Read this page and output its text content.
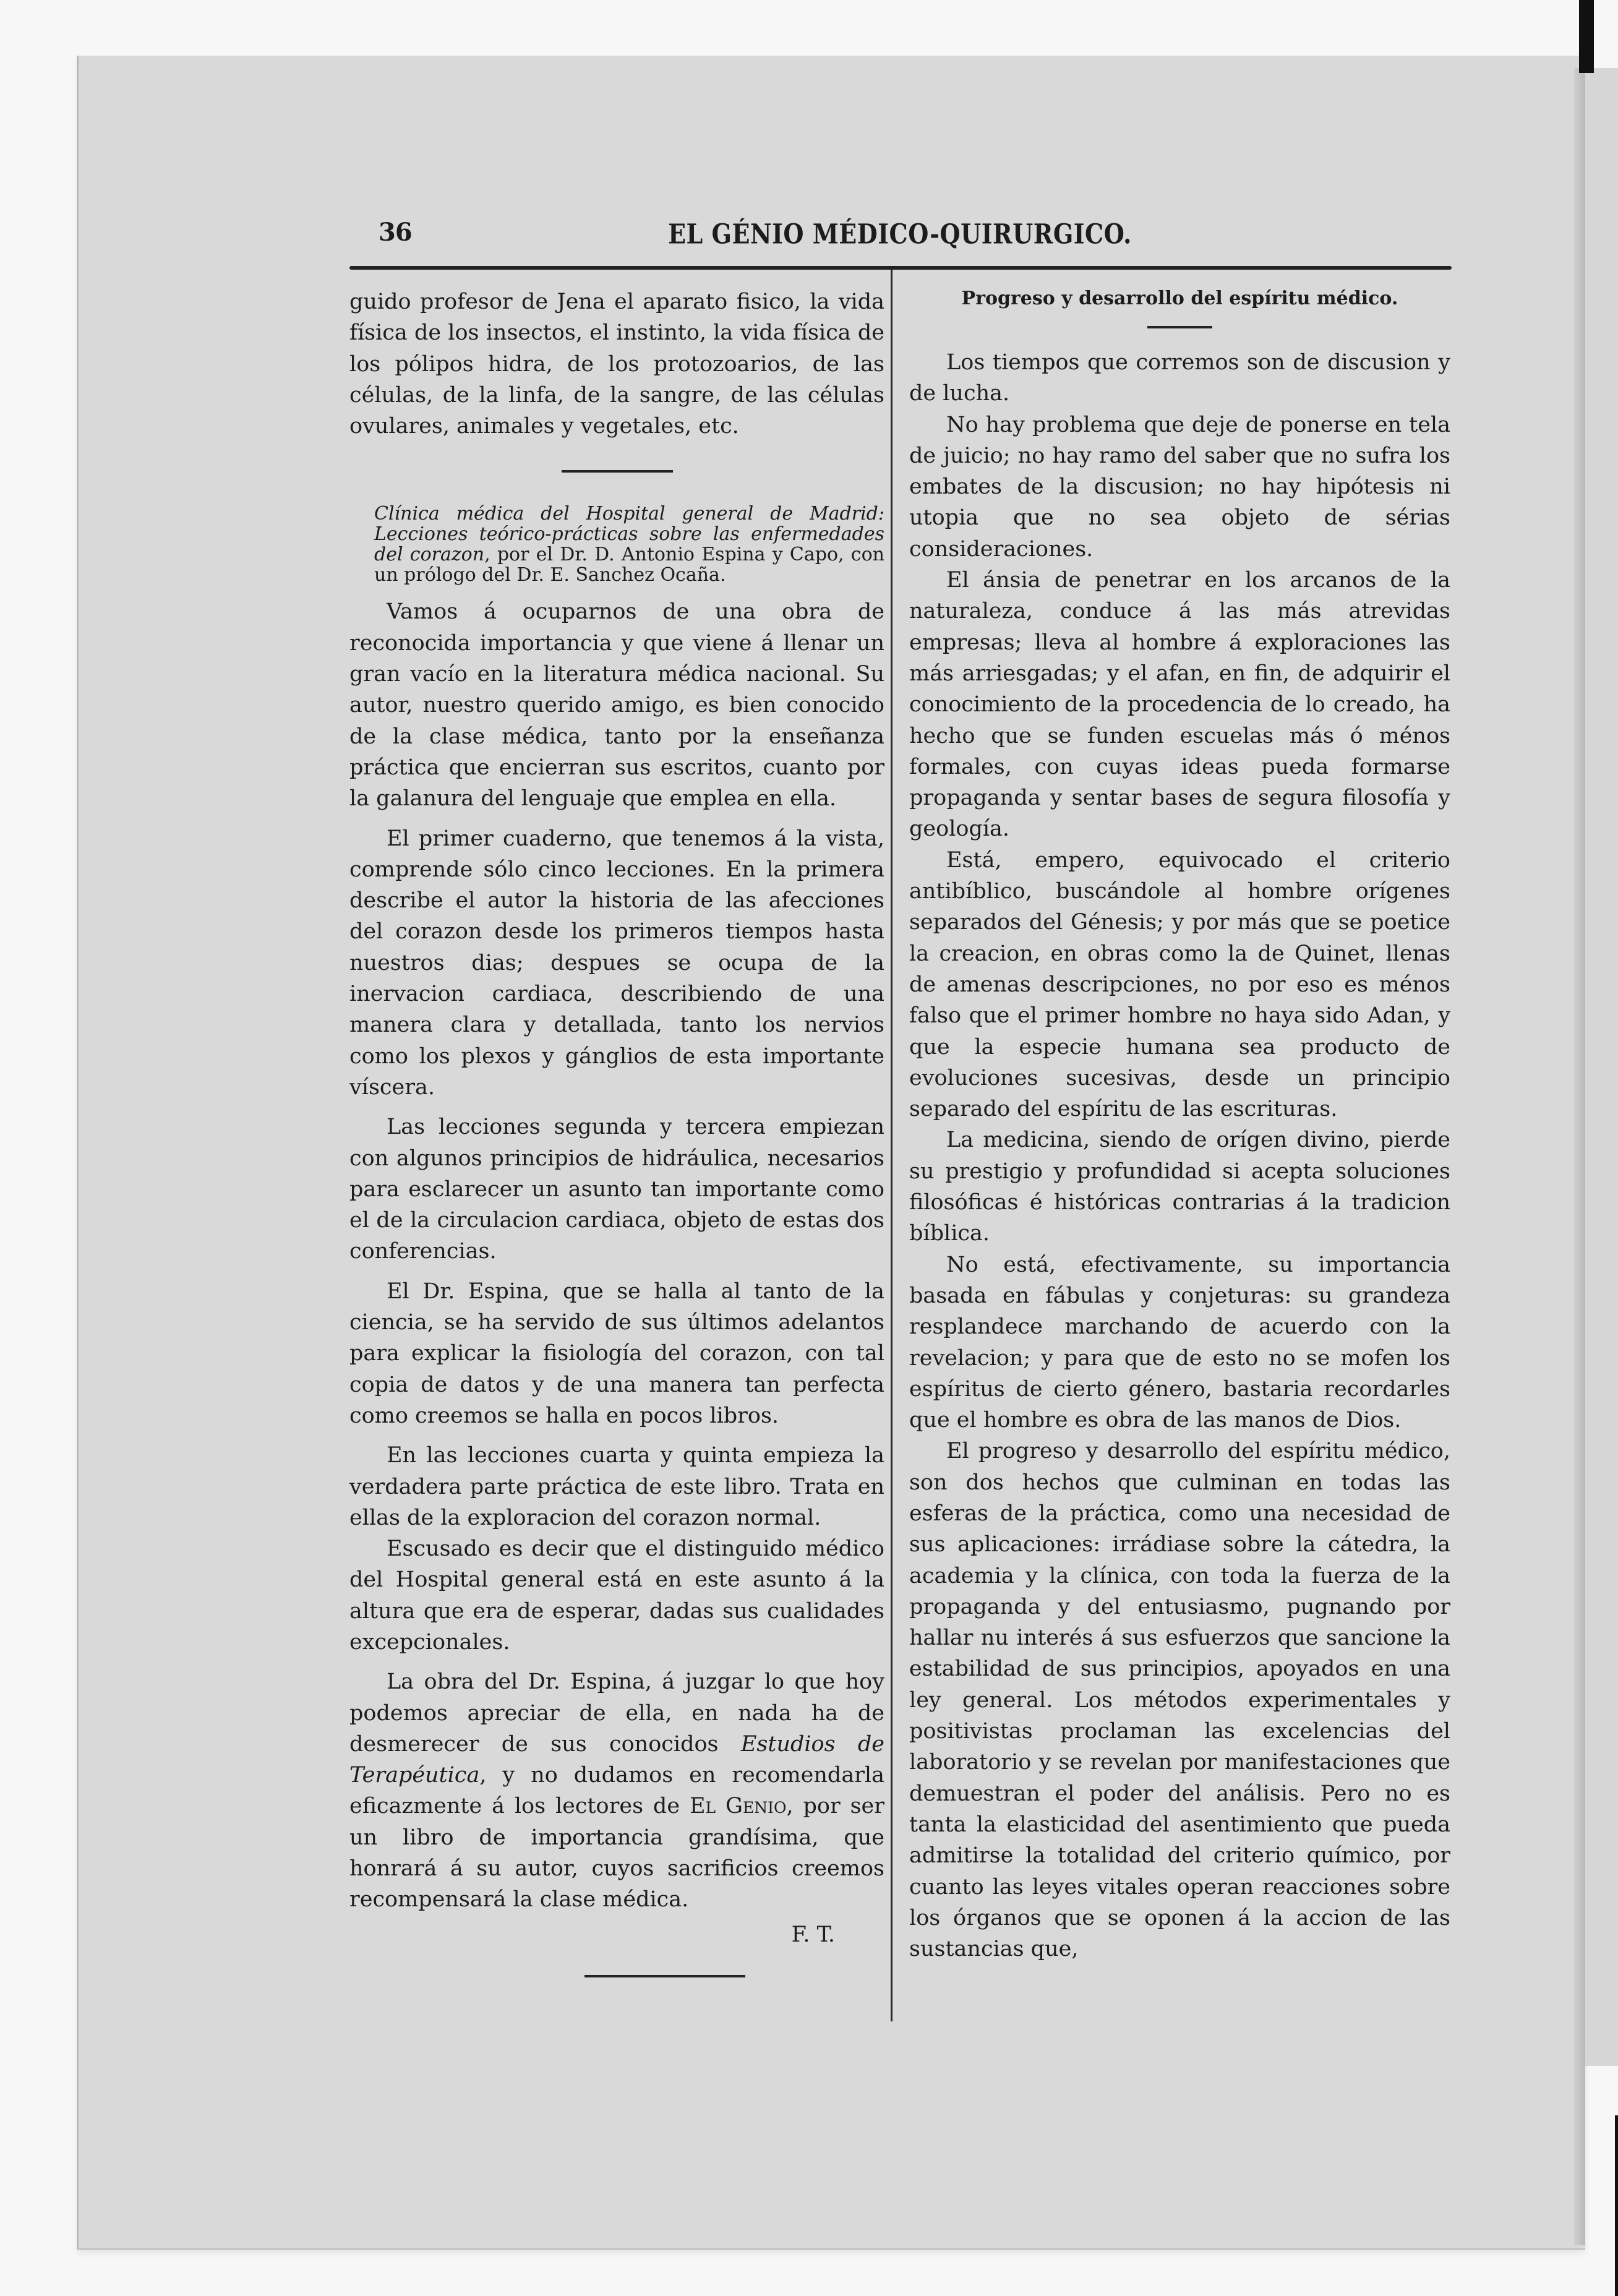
36	EL GÉNIO MÉDICO-QUIRURGICO.

guido profesor de Jena el aparato fisico, la vida física de los insectos, el instinto, la vida física de los pólipos hidra, de los protozoarios, de las células, de la linfa, de la sangre, de las células ovulares, animales y vegetales, etc.

Clínica médica del Hospital general de Madrid: Lecciones teórico-prácticas sobre las enfermedades del corazon, por el Dr. D. Antonio Espina y Capo, con un prólogo del Dr. E. Sanchez Ocaña.

Vamos á ocuparnos de una obra de reconocida importancia y que viene á llenar un gran vacío en la literatura médica nacional. Su autor, nuestro querido amigo, es bien conocido de la clase médica, tanto por la enseñanza práctica que encierran sus escritos, cuanto por la galanura del lenguaje que emplea en ella.

El primer cuaderno, que tenemos á la vista, comprende sólo cinco lecciones. En la primera describe el autor la historia de las afecciones del corazon desde los primeros tiempos hasta nuestros dias; despues se ocupa de la inervacion cardiaca, describiendo de una manera clara y detallada, tanto los nervios como los plexos y gánglios de esta importante víscera.

Las lecciones segunda y tercera empiezan con algunos principios de hidráulica, necesarios para esclarecer un asunto tan importante como el de la circulacion cardiaca, objeto de estas dos conferencias.

El Dr. Espina, que se halla al tanto de la ciencia, se ha servido de sus últimos adelantos para explicar la fisiología del corazon, con tal copia de datos y de una manera tan perfecta como creemos se halla en pocos libros.

En las lecciones cuarta y quinta empieza la verdadera parte práctica de este libro. Trata en ellas de la exploracion del corazon normal.

Escusado es decir que el distinguido médico del Hospital general está en este asunto á la altura que era de esperar, dadas sus cualidades excepcionales.

La obra del Dr. Espina, á juzgar lo que hoy podemos apreciar de ella, en nada ha de desmerecer de sus conocidos Estudios de Terapéutica, y no dudamos en recomendarla eficazmente á los lectores de El Genio, por ser un libro de importancia grandísima, que honrará á su autor, cuyos sacrificios creemos recompensará la clase médica.

F. T.

Progreso y desarrollo del espíritu médico.

Los tiempos que corremos son de discusion y de lucha.

No hay problema que deje de ponerse en tela de juicio; no hay ramo del saber que no sufra los embates de la discusion; no hay hipótesis ni utopia que no sea objeto de sérias consideraciones.

El ánsia de penetrar en los arcanos de la naturaleza, conduce á las más atrevidas empresas; lleva al hombre á exploraciones las más arriesgadas; y el afan, en fin, de adquirir el conocimiento de la procedencia de lo creado, ha hecho que se funden escuelas más ó ménos formales, con cuyas ideas pueda formarse propaganda y sentar bases de segura filosofía y geología.

Está, empero, equivocado el criterio antibíblico, buscándole al hombre orígenes separados del Génesis; y por más que se poetice la creacion, en obras como la de Quinet, llenas de amenas descripciones, no por eso es ménos falso que el primer hombre no haya sido Adan, y que la especie humana sea producto de evoluciones sucesivas, desde un principio separado del espíritu de las escrituras.

La medicina, siendo de orígen divino, pierde su prestigio y profundidad si acepta soluciones filosóficas é históricas contrarias á la tradicion bíblica.

No está, efectivamente, su importancia basada en fábulas y conjeturas: su grandeza resplandece marchando de acuerdo con la revelacion; y para que de esto no se mofen los espíritus de cierto género, bastaria recordarles que el hombre es obra de las manos de Dios.

El progreso y desarrollo del espíritu médico, son dos hechos que culminan en todas las esferas de la práctica, como una necesidad de sus aplicaciones: irrádiase sobre la cátedra, la academia y la clínica, con toda la fuerza de la propaganda y del entusiasmo, pugnando por hallar nu interés á sus esfuerzos que sancione la estabilidad de sus principios, apoyados en una ley general. Los métodos experimentales y positivistas proclaman las excelencias del laboratorio y se revelan por manifestaciones que demuestran el poder del análisis. Pero no es tanta la elasticidad del asentimiento que pueda admitirse la totalidad del criterio químico, por cuanto las leyes vitales operan reacciones sobre los órganos que se oponen á la accion de las sustancias que,
